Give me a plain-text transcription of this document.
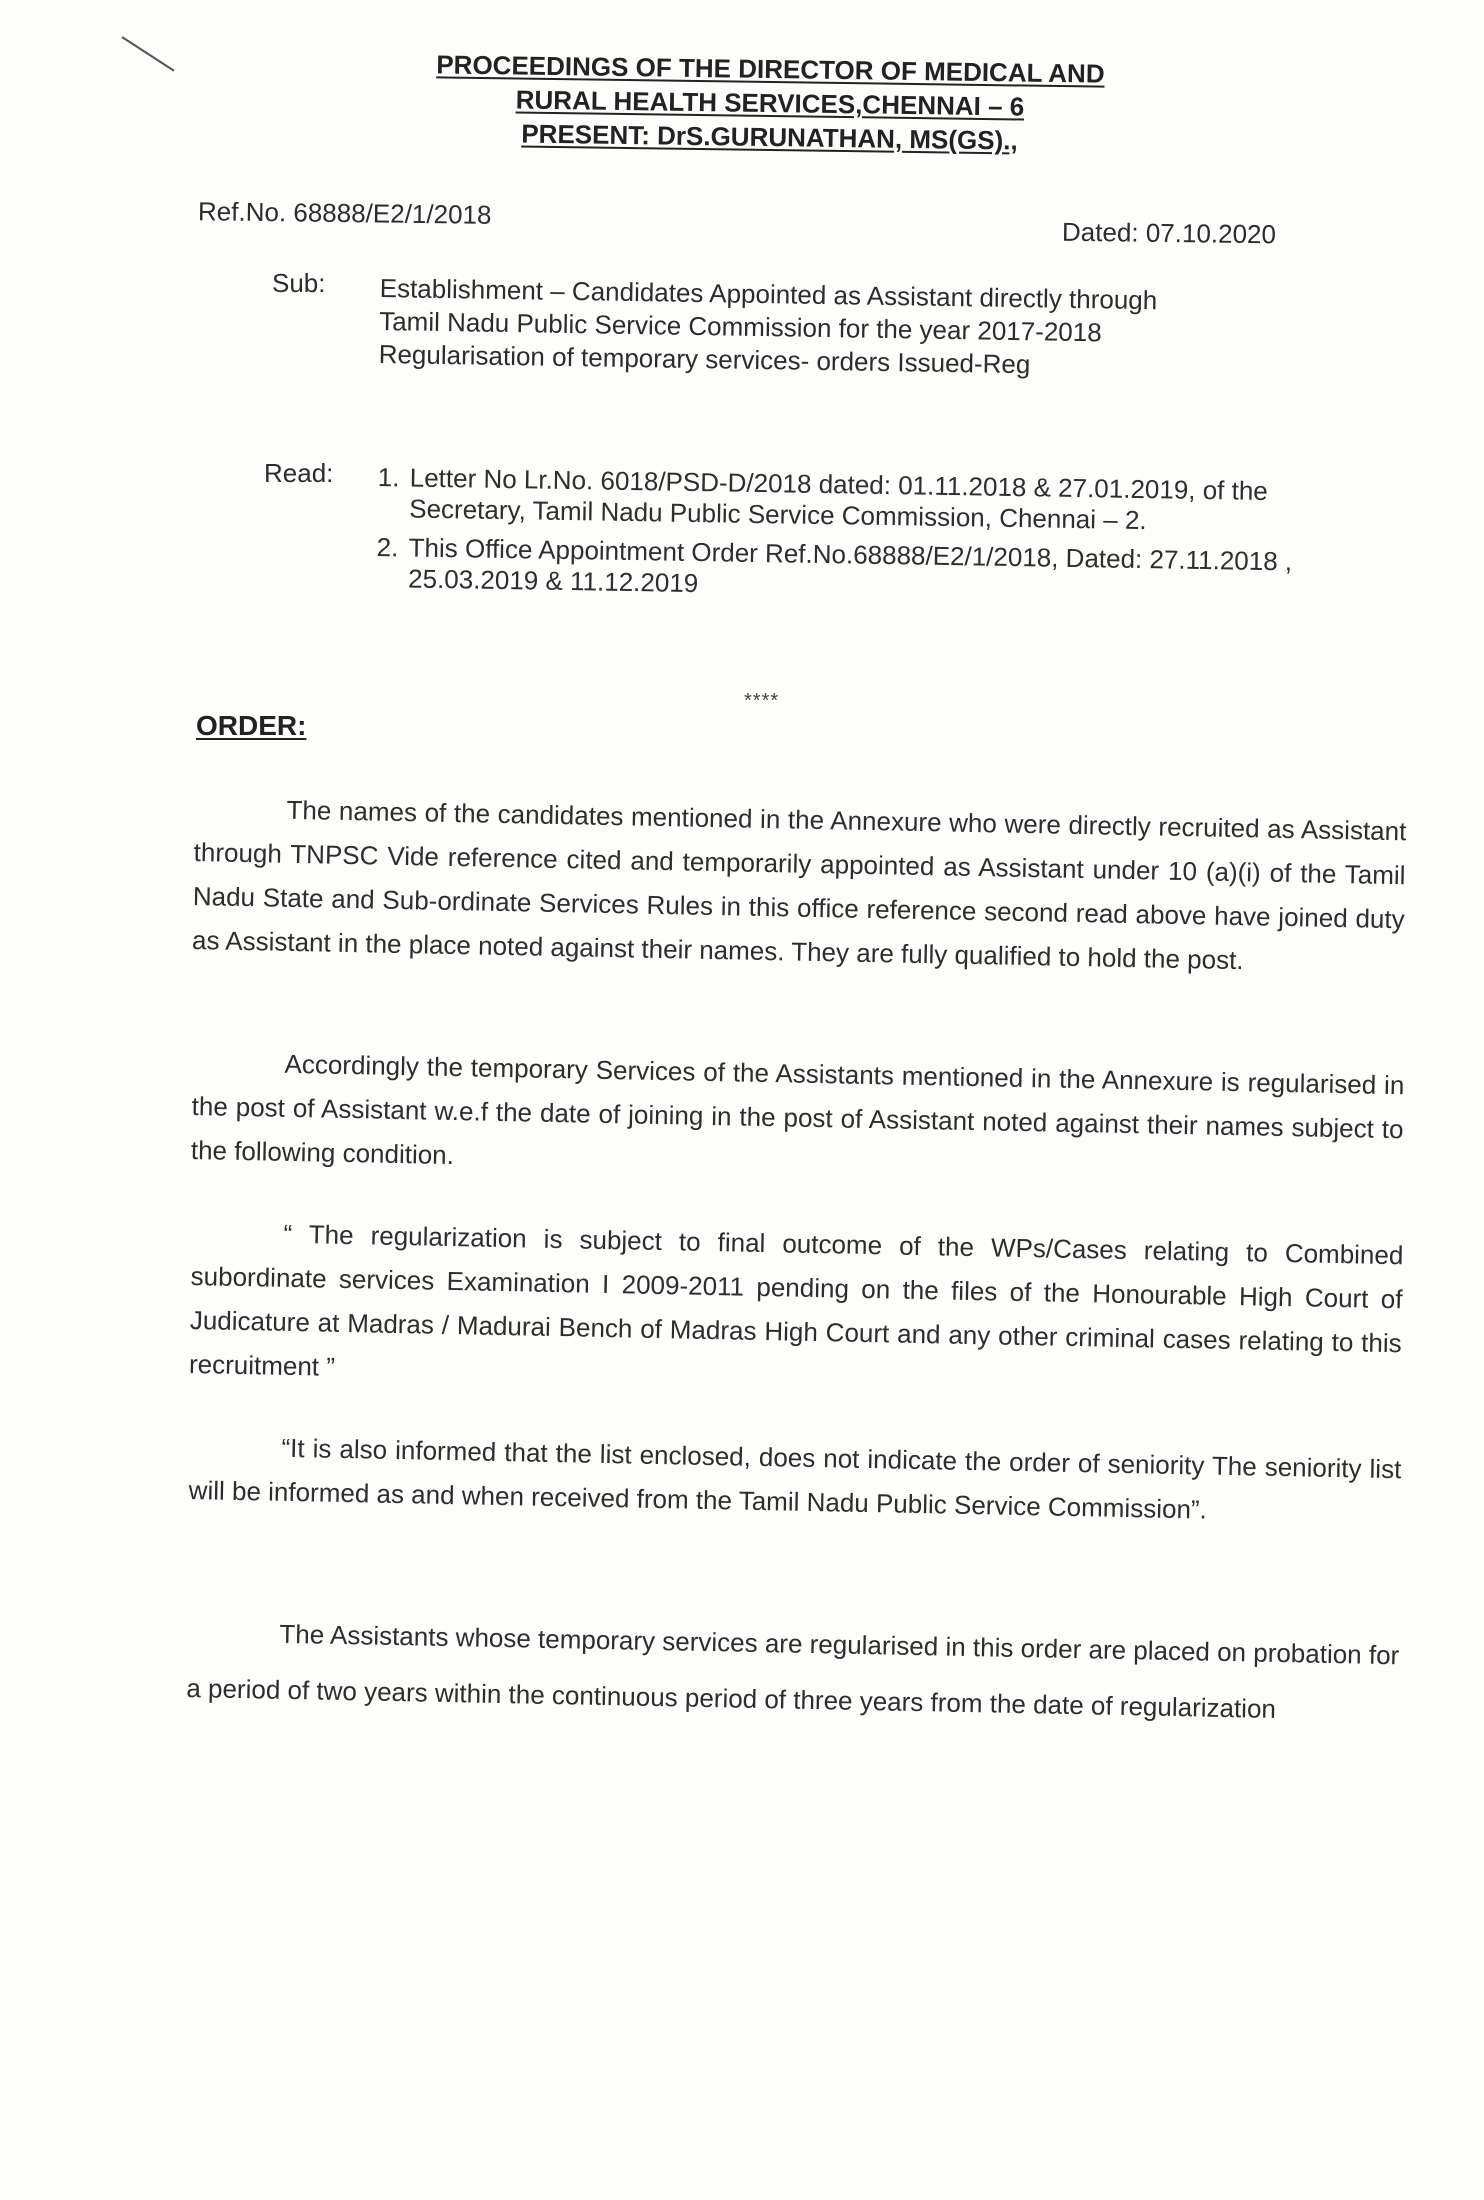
PROCEEDINGS OF THE DIRECTOR OF MEDICAL AND
RURAL HEALTH SERVICES,CHENNAI – 6
PRESENT: DrS.GURUNATHAN, MS(GS).,
Ref.No. 68888/E2/1/2018
Dated: 07.10.2020
Sub: Establishment – Candidates Appointed as Assistant directly through Tamil Nadu Public Service Commission for the year 2017-2018 Regularisation of temporary services- orders Issued-Reg
Read: 1. Letter No Lr.No. 6018/PSD-D/2018 dated: 01.11.2018 & 27.01.2019, of the Secretary, Tamil Nadu Public Service Commission, Chennai – 2.
2. This Office Appointment Order Ref.No.68888/E2/1/2018, Dated: 27.11.2018 , 25.03.2019 & 11.12.2019
****
ORDER:
The names of the candidates mentioned in the Annexure who were directly recruited as Assistant through TNPSC Vide reference cited and temporarily appointed as Assistant under 10 (a)(i) of the Tamil Nadu State and Sub-ordinate Services Rules in this office reference second read above have joined duty as Assistant in the place noted against their names. They are fully qualified to hold the post.
Accordingly the temporary Services of the Assistants mentioned in the Annexure is regularised in the post of Assistant w.e.f the date of joining in the post of Assistant noted against their names subject to the following condition.
“ The regularization is subject to final outcome of the WPs/Cases relating to Combined subordinate services Examination I 2009-2011 pending on the files of the Honourable High Court of Judicature at Madras / Madurai Bench of Madras High Court and any other criminal cases relating to this recruitment ”
“It is also informed that the list enclosed, does not indicate the order of seniority The seniority list will be informed as and when received from the Tamil Nadu Public Service Commission”.
The Assistants whose temporary services are regularised in this order are placed on probation for a period of two years within the continuous period of three years from the date of regularization
